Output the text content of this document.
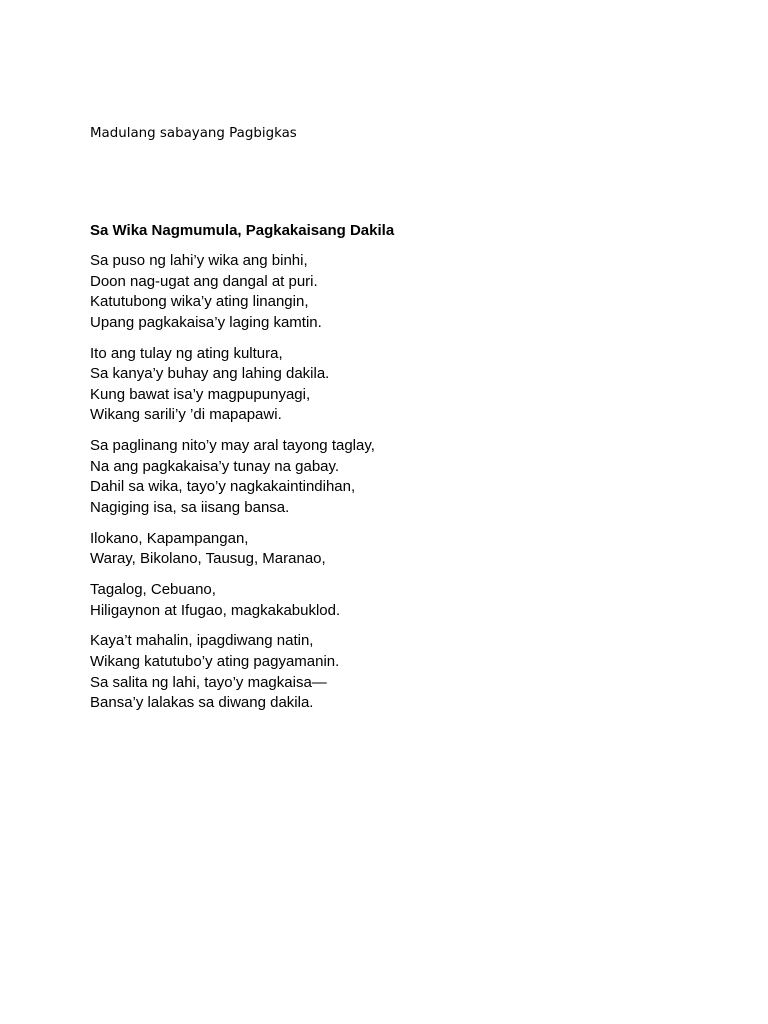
Madulang sabayang Pagbigkas
Sa Wika Nagmumula, Pagkakaisang Dakila
Sa puso ng lahi’y wika ang binhi,
Doon nag-ugat ang dangal at puri.
Katutubong wika’y ating linangin,
Upang pagkakaisa’y laging kamtin.
Ito ang tulay ng ating kultura,
Sa kanya’y buhay ang lahing dakila.
Kung bawat isa’y magpupunyagi,
Wikang sarili’y ’di mapapawi.
Sa paglinang nito’y may aral tayong taglay,
Na ang pagkakaisa’y tunay na gabay.
Dahil sa wika, tayo’y nagkakaintindihan,
Nagiging isa, sa iisang bansa.
Ilokano, Kapampangan,
Waray, Bikolano, Tausug, Maranao,
Tagalog, Cebuano,
Hiligaynon at Ifugao, magkakabuklod.
Kaya’t mahalin, ipagdiwang natin,
Wikang katutubo’y ating pagyamanin.
Sa salita ng lahi, tayo’y magkaisa—
Bansa’y lalakas sa diwang dakila.
